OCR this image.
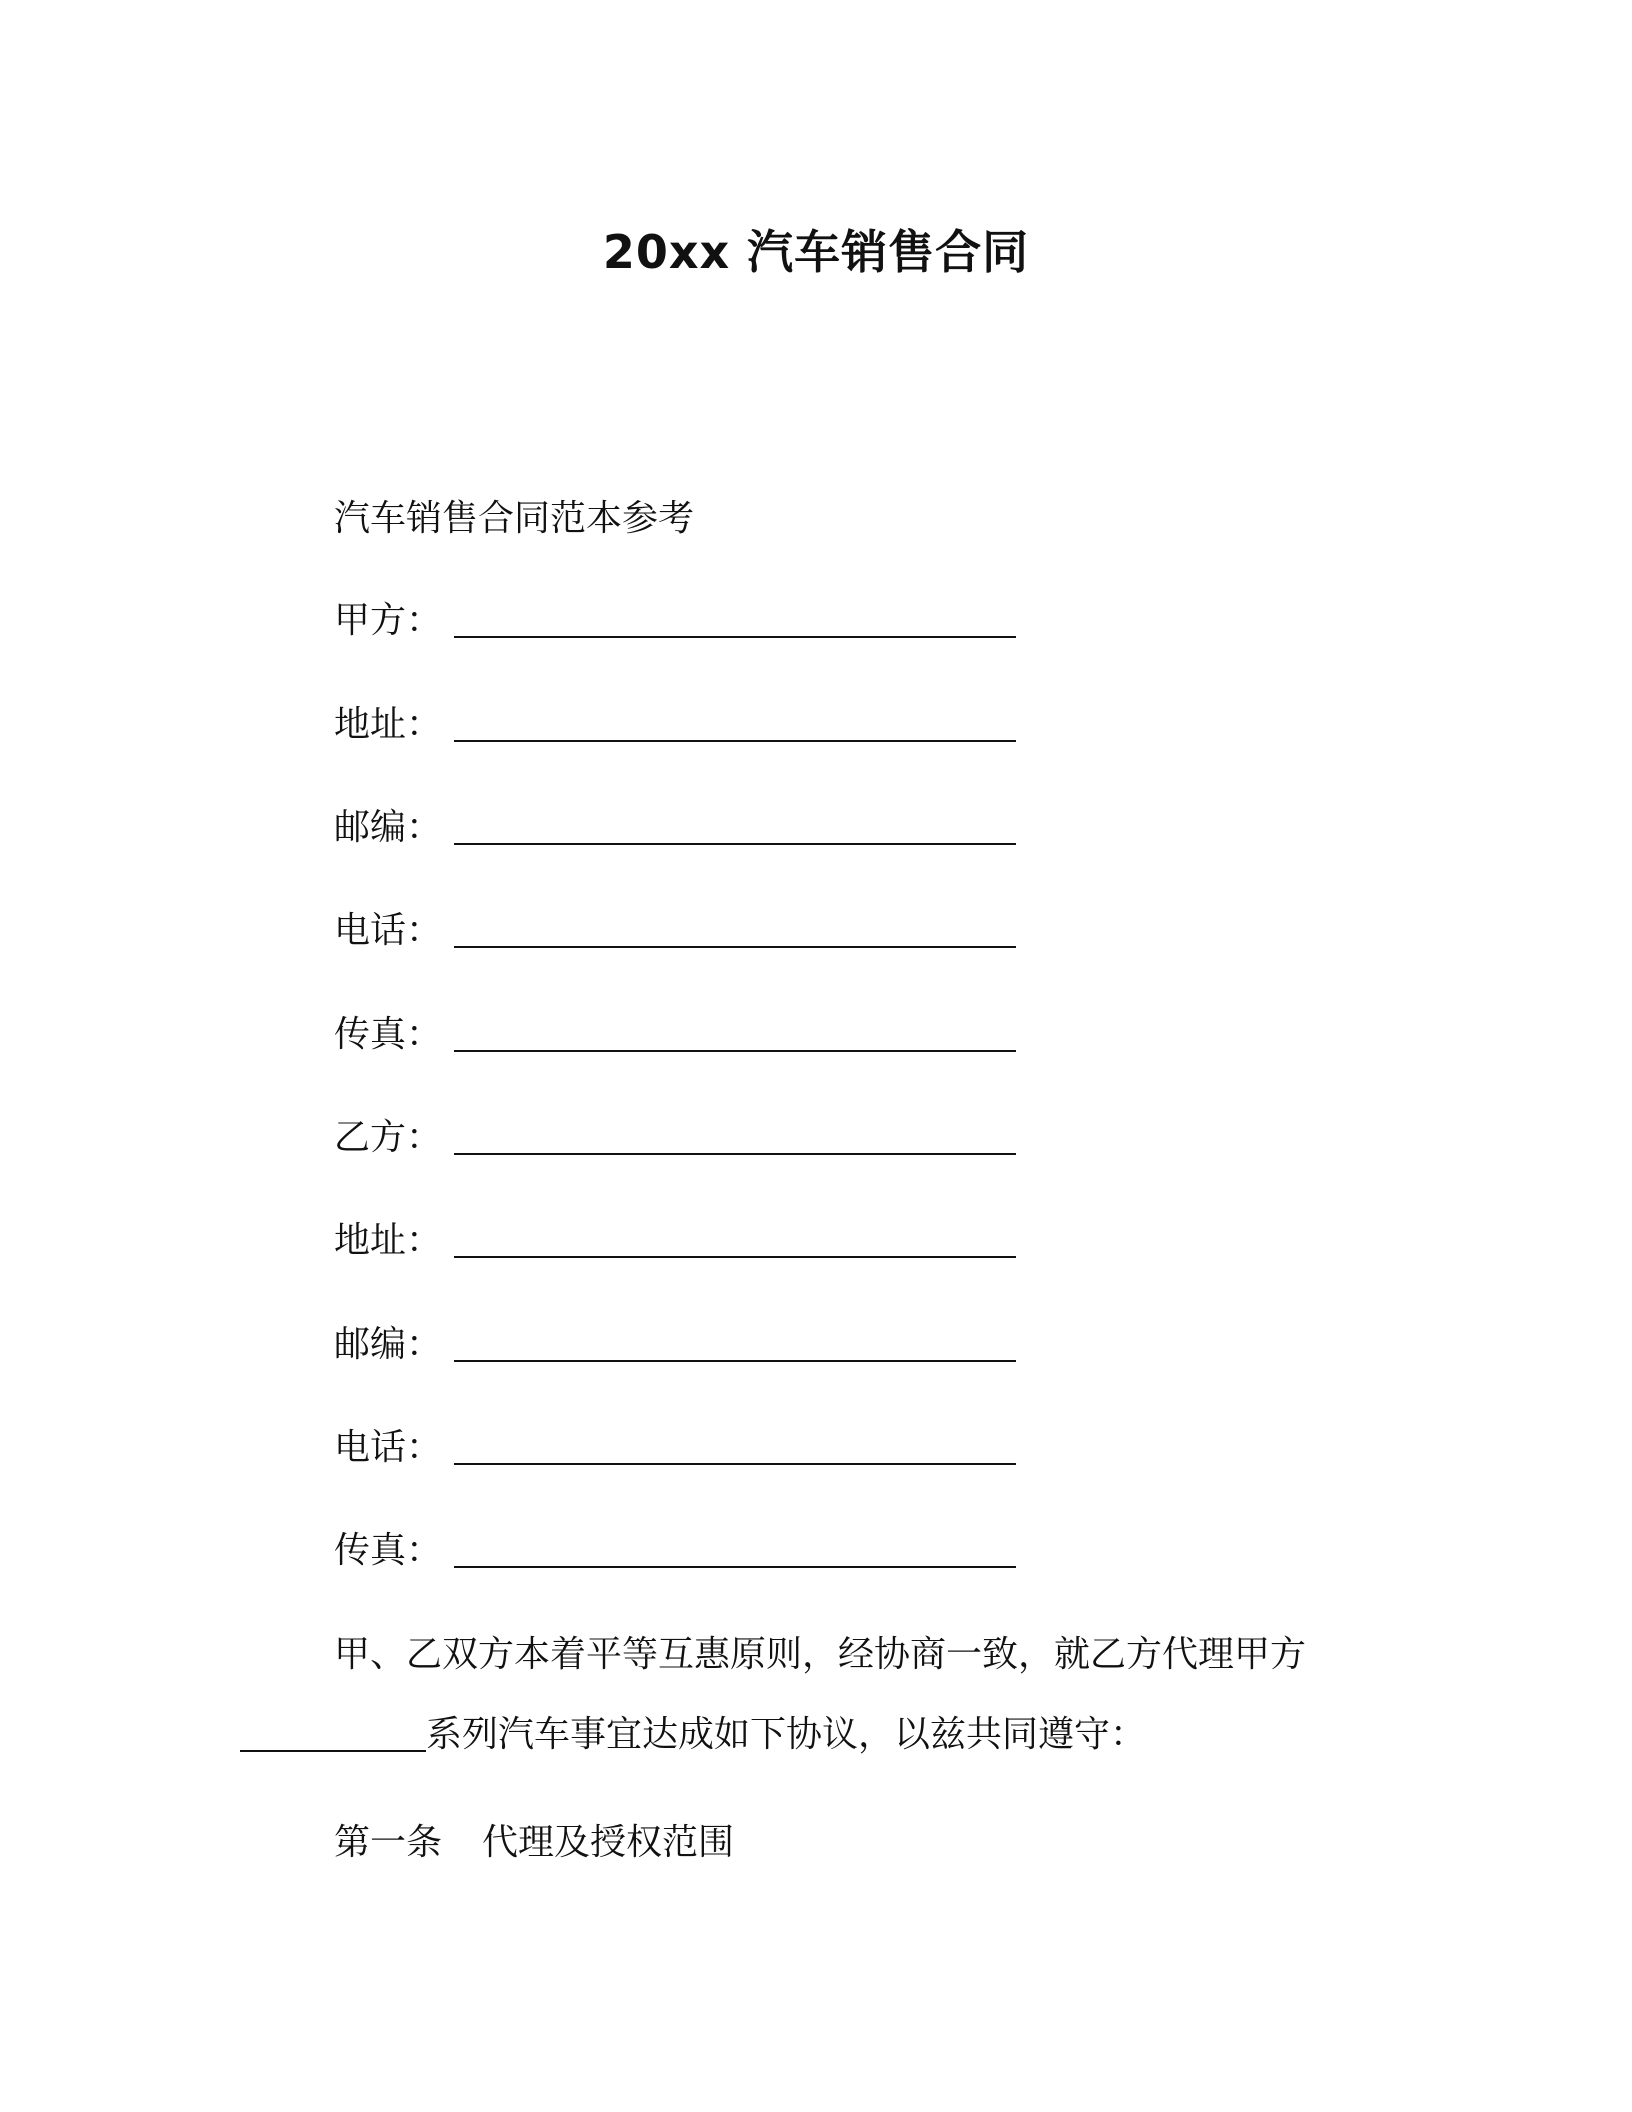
20xx 汽车销售合同
汽车销售合同范本参考
甲方：
地址：
邮编：
电话：
传真：
乙方：
地址：
邮编：
电话：
传真：
甲、乙双方本着平等互惠原则，经协商一致，就乙方代理甲方
系列汽车事宜达成如下协议，以兹共同遵守：
第一条 代理及授权范围
